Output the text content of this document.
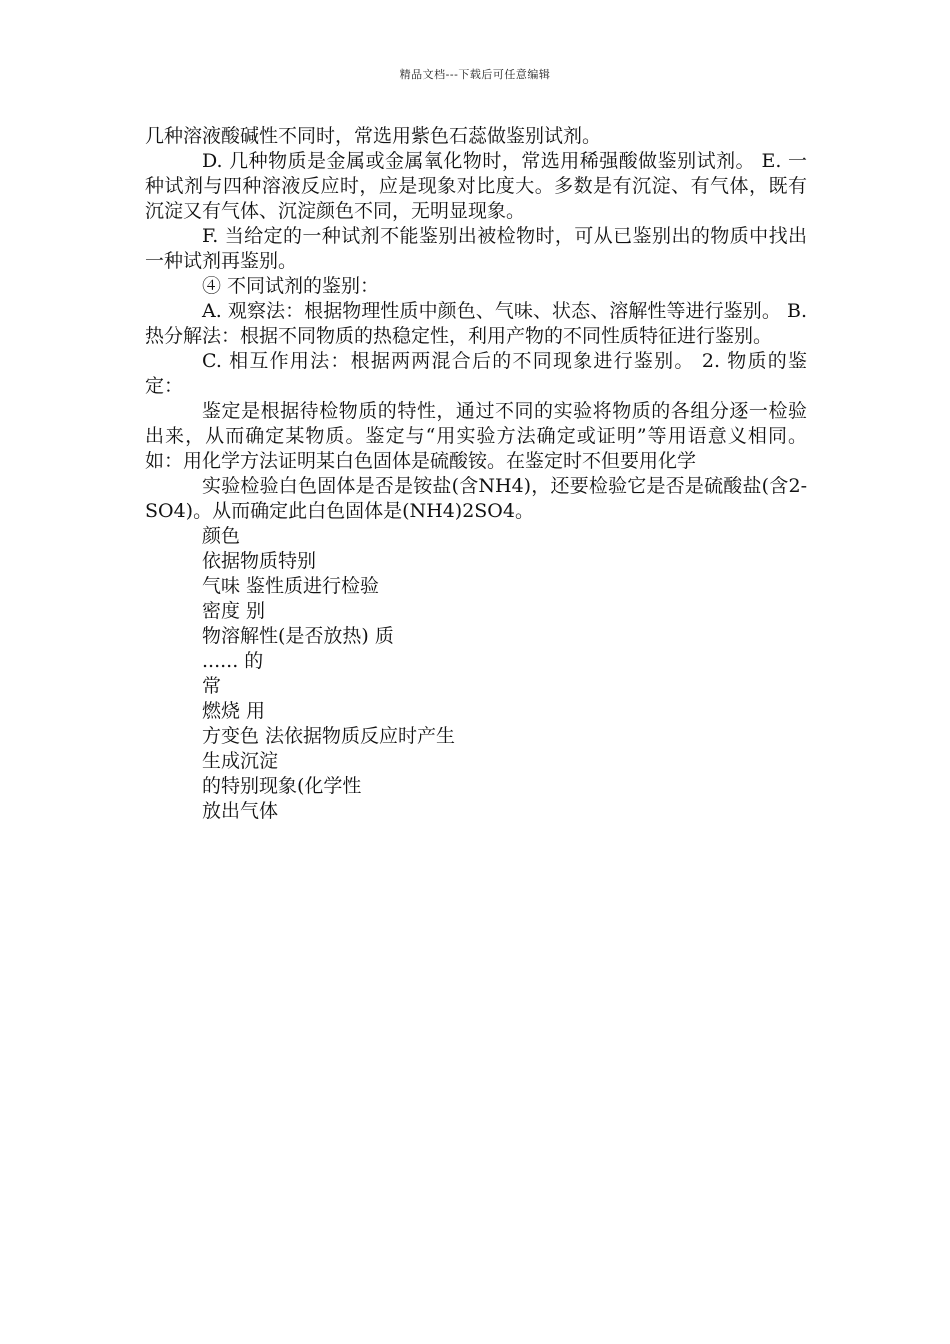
精品文档---下载后可任意编辑

几种溶液酸碱性不同时，常选用紫色石蕊做鉴别试剂。

D. 几种物质是金属或金属氧化物时，常选用稀强酸做鉴别试剂。 E. 一种试剂与四种溶液反应时，应是现象对比度大。多数是有沉淀、有气体，既有沉淀又有气体、沉淀颜色不同，无明显现象。

F. 当给定的一种试剂不能鉴别出被检物时，可从已鉴别出的物质中找出一种试剂再鉴别。

④ 不同试剂的鉴别：

A. 观察法：根据物理性质中颜色、气味、状态、溶解性等进行鉴别。 B. 热分解法：根据不同物质的热稳定性，利用产物的不同性质特征进行鉴别。

C. 相互作用法：根据两两混合后的不同现象进行鉴别。 2. 物质的鉴定：

鉴定是根据待检物质的特性，通过不同的实验将物质的各组分逐一检验出来，从而确定某物质。鉴定与“用实验方法确定或证明”等用语意义相同。如：用化学方法证明某白色固体是硫酸铵。在鉴定时不但要用化学

实验检验白色固体是否是铵盐(含NH4)，还要检验它是否是硫酸盐(含2-SO4)。从而确定此白色固体是(NH4)2SO4。

颜色

依据物质特别

气味 鉴性质进行检验

密度 别

物溶解性(是否放热) 质

...... 的

常

燃烧 用

方变色 法依据物质反应时产生

生成沉淀

的特别现象(化学性

放出气体
